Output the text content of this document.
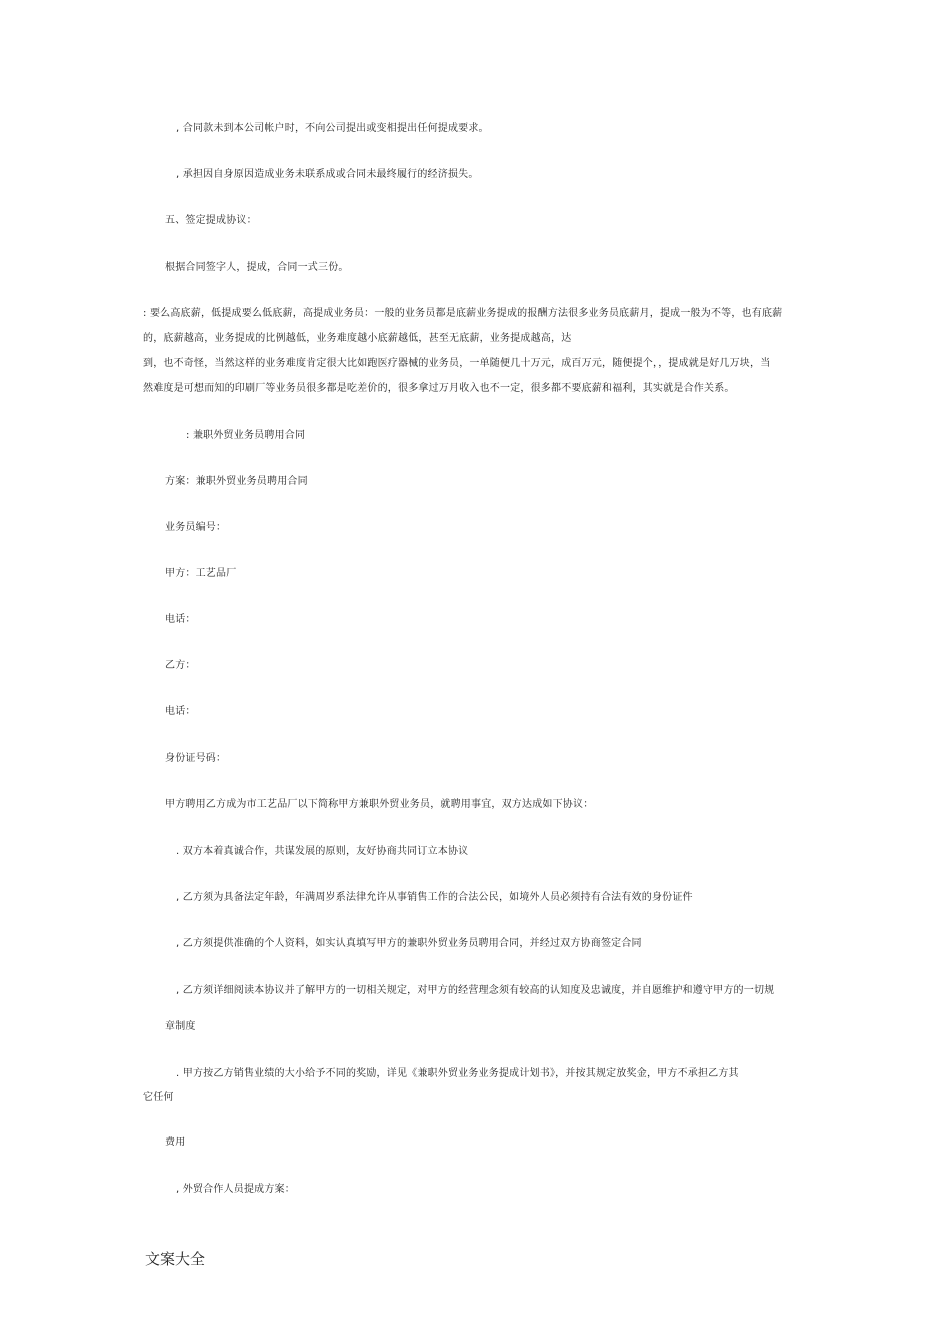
, 合同款未到本公司帐户时，不向公司提出或变相提出任何提成要求。
, 承担因自身原因造成业务未联系成或合同未最终履行的经济损失。
五、签定提成协议：
根据合同签字人，提成，合同一式三份。
: 要么高底薪，低提成要么低底薪，高提成业务员：一般的业务员都是底薪业务提成的报酬方法很多业务员底薪月，提成一般为不等，也有底薪
的，底薪越高，业务提成的比例越低，业务难度越小底薪越低，甚至无底薪，业务提成越高，达
到，也不奇怪，当然这样的业务难度肯定很大比如跑医疗器械的业务员，一单随便几十万元，成百万元，随便提个，，提成就是好几万块，当
然难度是可想而知的印刷厂等业务员很多都是吃差价的，很多拿过万月收入也不一定，很多都不要底薪和福利，其实就是合作关系。
: 兼职外贸业务员聘用合同
方案：兼职外贸业务员聘用合同
业务员编号：
甲方：工艺品厂
电话：
乙方：
电话：
身份证号码：
甲方聘用乙方成为市工艺品厂以下简称甲方兼职外贸业务员，就聘用事宜，双方达成如下协议：
. 双方本着真诚合作，共谋发展的原则，友好协商共同订立本协议
, 乙方须为具备法定年龄，年满周岁系法律允许从事销售工作的合法公民，如境外人员必须持有合法有效的身份证件
, 乙方须提供准确的个人资料，如实认真填写甲方的兼职外贸业务员聘用合同，并经过双方协商签定合同
, 乙方须详细阅读本协议并了解甲方的一切相关规定，对甲方的经营理念须有较高的认知度及忠诚度，并自愿维护和遵守甲方的一切规
章制度
. 甲方按乙方销售业绩的大小给予不同的奖励，详见《兼职外贸业务业务提成计划书》，并按其规定放奖金，甲方不承担乙方其
它任何
费用
, 外贸合作人员提成方案：
文案大全
